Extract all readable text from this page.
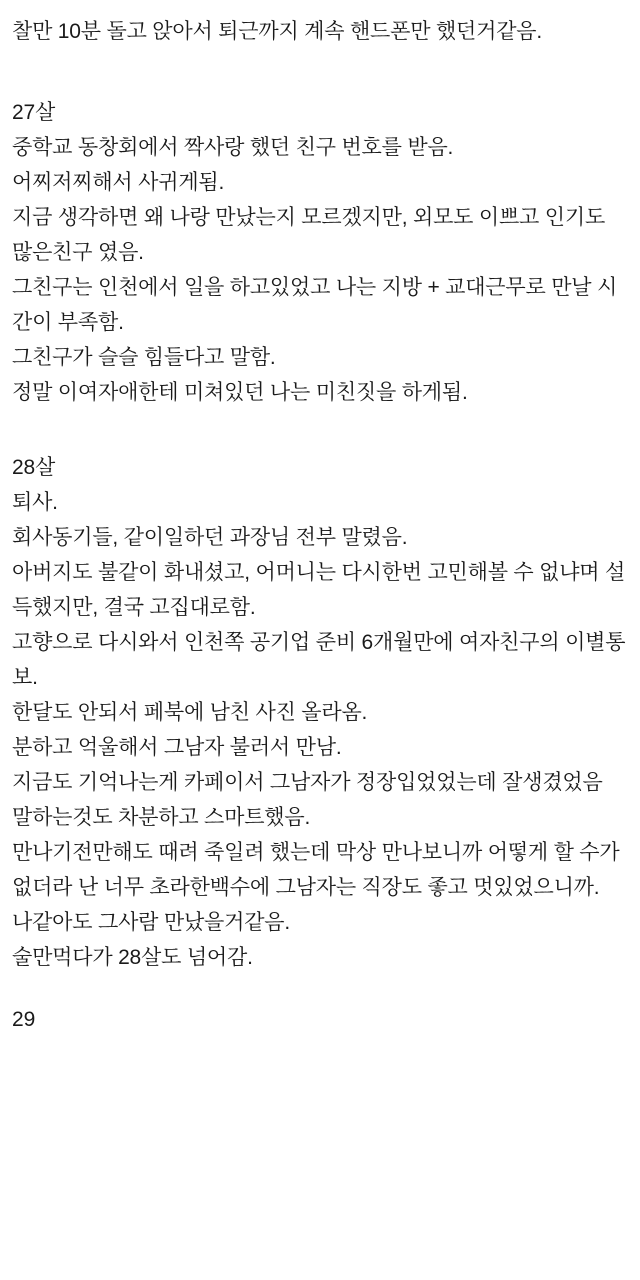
찰만 10분 돌고 앉아서 퇴근까지 계속 핸드폰만 했던거같음.
27살
중학교 동창회에서 짝사랑 했던 친구 번호를 받음.
어찌저찌해서 사귀게됨.
지금 생각하면 왜 나랑 만났는지 모르겠지만, 외모도 이쁘고 인기도 많은친구 였음.
그친구는 인천에서 일을 하고있었고 나는 지방 + 교대근무로 만날 시간이 부족함.
그친구가 슬슬 힘들다고 말함.
정말 이여자애한테 미쳐있던 나는 미친짓을 하게됨.
28살
퇴사.
회사동기들, 같이일하던 과장님 전부 말렸음.
아버지도 불같이 화내셨고, 어머니는 다시한번 고민해볼 수 없냐며 설득했지만, 결국 고집대로함.
고향으로 다시와서 인천쪽 공기업 준비 6개월만에 여자친구의 이별통보.
한달도 안되서 페북에 남친 사진 올라옴.
분하고 억울해서 그남자 불러서 만남.
지금도 기억나는게 카페이서 그남자가 정장입었었는데 잘생겼었음 말하는것도 차분하고 스마트했음.
만나기전만해도 때려 죽일려 했는데 막상 만나보니까 어떻게 할 수가 없더라 난 너무 초라한백수에 그남자는 직장도 좋고 멋있었으니까.
나같아도 그사람 만났을거같음.
술만먹다가 28살도 넘어감.
29
